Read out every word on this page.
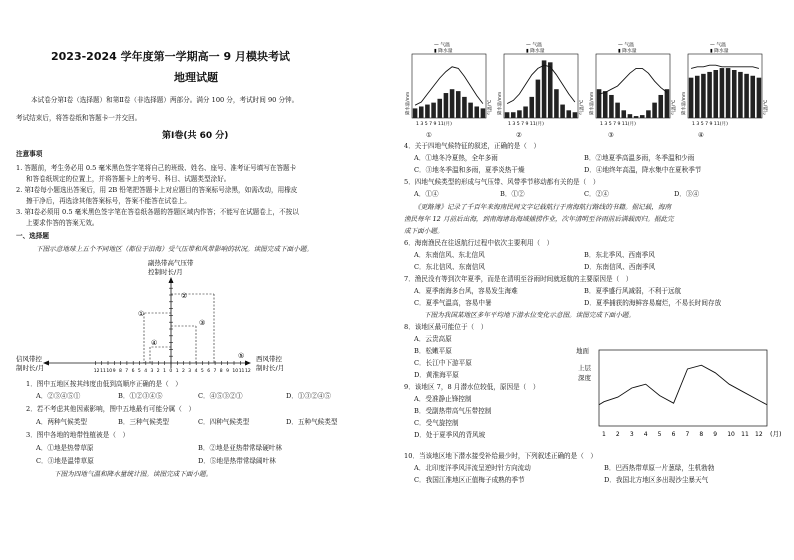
2023-2024 学年度第一学期高一 9 月模块考试
地理试题
本试卷分第Ⅰ卷（选择题）和第Ⅱ卷（非选择题）两部分。满分 100 分，考试时间 90 分钟。
考试结束后，将答卷纸和答题卡一并交回。
第Ⅰ卷(共 60 分)
注意事项
1. 答题前，考生务必用 0.5 毫米黑色签字笔将自己的班级、姓名、座号、准考证号填写在答题卡
和答卷纸规定的位置上，并将答题卡上的考号、科目、试题类型涂好。
2. 第Ⅰ卷每小题选出答案后，用 2B 铅笔把答题卡上对应题目的答案标号涂黑，如需改动，用橡皮
擦干净后，再选涂其他答案标号，答案不能答在试卷上。
3. 第Ⅰ卷必须用 0.5 毫米黑色签字笔在答卷纸各题的答题区域内作答；不能写在试题卷上，不按以
上要求作答的答案无效。
一、选择题
下图示意地球上五个不同地区（都位于沿海）受气压带和风带影响的状况。读图完成下面小题。
副热带高气压带
控制时长/月
12 11 10 9 8 7 6 5 4 3 2 1 0 1 2 3 4 5 6 7 8 9 10 11 12
①
②
③
④
⑤
信风带控
制时长/月
西风带控
制时长/月
1．图中五地区按其纬度由低到高顺序正确的是（　）
A．②③④⑤①	B．①②③④⑤	C．④⑤③②①	D．①③②④⑤
2．若不考虑其他因素影响，图中五地最有可能分属（　）
A．两种气候类型	B．三种气候类型	C．四种气候类型	D．五种气候类型
3．图中各地的地带性植被是（　）
A．①地是热带草原	B．②地是亚热带常绿硬叶林
C．③地是温带草原	D．⑤地是热带常绿阔叶林
下图为四地气温和降水量统计图。读图完成下面小题。
— 气温
▮ 降水量
1 3 5 7 9 11(月)
降水量/mm	气温/℃
— 气温
▮ 降水量
1 3 5 7 9 11(月)
降水量/mm	气温/℃
— 气温
▮ 降水量
1 3 5 7 9 11(月)
降水量/mm	气温/℃
— 气温
▮ 降水量
1 3 5 7 9 11(月)
降水量/mm	气温/℃
①	②	③	④
4．关于四地气候特征的叙述，正确的是（　）
A．①地冬冷夏热，全年多雨	B．②地夏季高温多雨，冬季温和少雨
C．③地冬季温和多雨，夏季炎热干燥	D．④地终年高温，降水集中在夏秋季节
5．四地气候类型的形成与气压带、风带季节移动都有关的是（　）
A．①④	B．①②	C．②④	D．③④
《更路簿》记录了千百年来海南民间文字记载航行于南海航行路线的书籍。据记载，海南
渔民每年 12 月前后出海，到南海诸岛海域捕捞作业，次年清明至谷雨前后满载而归。据此完
成下面小题。
6．海南渔民在往返航行过程中依次主要利用（　）
A．东南信风、东北信风	B．东北季风、西南季风
C．东北信风、东南信风	D．东南信风、西南季风
7．渔民没有等到次年夏季，而是在清明至谷雨时间就返航的主要原因是（　）
A．夏季南海多台风，容易发生海难	B．夏季盛行风减弱，不利于远航
C．夏季气温高，容易中暑	D．夏季捕获的海鲜容易腐烂，不易长时间存放
下图为我国某地区多年平均地下潜水位变化示意图。读图完成下面小题。
8．该地区最可能位于（　）
A．云贵高原
B．松嫩平原
C．长江中下游平原
D．黄淮海平原
9．该地区 7，8 月潜水位较低，原因是（　）
A．受准静止锋控制
B．受副热带高气压带控制
C．受气旋控制
D．处于夏季风的背风坡
地面
上层
深度
1 2 3 4 5 6 7 8 9 10 11 12 (月)
10．当该地区地下潜水接受补给最少时，下列叙述正确的是（　）
A．北印度洋季风洋流呈逆时针方向流动	B．巴西热带草原一片葱绿，生机勃勃
C．我国江淮地区正值梅子成熟的季节	D．我国北方地区多出现沙尘暴天气
